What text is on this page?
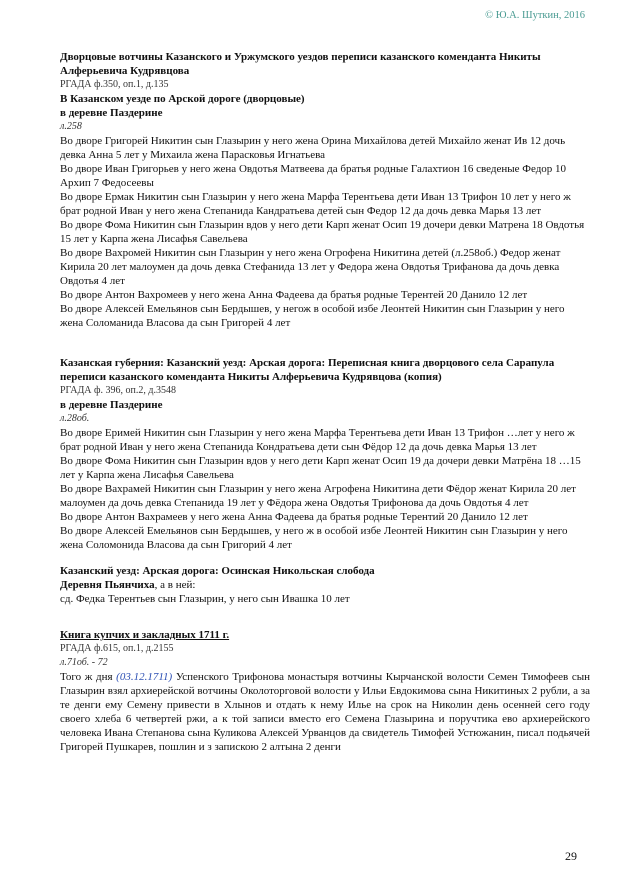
© Ю.А. Шуткин, 2016
Дворцовые вотчины Казанского и Уржумского уездов переписи казанского коменданта Никиты Алферьевича Кудрявцова
РГАДА ф.350, оп.1, д.135
В Казанском уезде по Арской дороге (дворцовые)
в деревне Паздерине
л.258

Во дворе Григорей Никитин сын Глазырин у него жена Орина Михайлова детей Михайло женат Ив 12 дочь девка Анна 5 лет у Михаила жена Парасковья Игнатьева

Во дворе Иван Григорьев у него жена Овдотья Матвеева да братья родные Галахтион 16 сведеные Федор 10 Архип 7 Федосеевы

Во дворе Ермак Никитин сын Глазырин у него жена Марфа Терентьева дети Иван 13 Трифон 10 лет у него ж брат родной Иван у него жена Степанида Кандратьева детей сын Федор 12 да дочь девка Марья 13 лет

Во дворе Фома Никитин сын Глазырин вдов у него дети Карп женат Осип 19 дочери девки Матрена 18 Овдотья 15 лет у Карпа жена Лисафья Савельева

Во дворе Вахромей Никитин сын Глазырин у него жена Огрофена Никитина детей (л.258об.) Федор женат Кирила 20 лет малоумен да дочь девка Стефанида 13 лет у Федора жена Овдотья Трифанова да дочь девка Овдотья 4 лет

Во дворе Антон Вахромеев у него жена Анна Фадеева да братья родные Терентей 20 Данило 12 лет

Во дворе Алексей Емельянов сын Бердышев, у негож в особой избе Леонтей Никитин сын Глазырин у него жена Соломанида Власова да сын Григорей 4 лет

Казанская губерния: Казанский уезд: Арская дорога: Переписная книга дворцового села Сарапула переписи казанского коменданта Никиты Алферьевича Кудрявцова (копия)
РГАДА ф. 396, оп.2, д.3548
в деревне Паздерине
л.28об.

Во дворе Еримей Никитин сын Глазырин у него жена Марфа Терентьева дети Иван 13 Трифон …лет у него ж брат родной Иван у него жена Степанида Кондратьева дети сын Фёдор 12 да дочь девка Марья 13 лет

Во дворе Фома Никитин сын Глазырин вдов у него дети Карп женат Осип 19 да дочери девки Матрёна 18 …15 лет у Карпа жена Лисафья Савельева

Во дворе Вахрамей Никитин сын Глазырин у него жена Агрофена Никитина дети Фёдор женат Кирила 20 лет малоумен да дочь девка Степанида 19 лет у Фёдора жена Овдотья Трифонова да дочь Овдотья 4 лет

Во дворе Антон Вахрамеев у него жена Анна Фадеева да братья родные Терентий 20 Данило 12 лет

Во дворе Алексей Емельянов сын Бердышев, у него ж в особой избе Леонтей Никитин сын Глазырин у него жена Соломонида Власова да сын Григорий 4 лет

Казанский уезд: Арская дорога: Осинская Никольская слобода
Деревня Пьянчиха, а в ней:

сд. Федка Терентьев сын Глазырин, у него сын Ивашка 10 лет

Книга купчих и закладных 1711 г.
РГАДА ф.615, оп.1, д.2155
л.71об. - 72

Того ж дня (03.12.1711) Успенского Трифонова монастыря вотчины Кырчанской волости Семен Тимофеев сын Глазырин взял архиерейской вотчины Околоторговой волости у Ильи Евдокимова сына Никитиных 2 рубли, а за те денги ему Семену привести в Хлынов и отдать к нему Илье на срок на Николин день осенней сего году своего хлеба 6 четвертей ржи, а к той записи вместо его Семена Глазырина и поручтика ево архиерейского человека Ивана Степанова сына Куликова Алексей Урванцов да свидетель Тимофей Устюжанин, писал подьячей Григорей Пушкарев, пошлин и з запискою 2 алтына 2 денги

29
